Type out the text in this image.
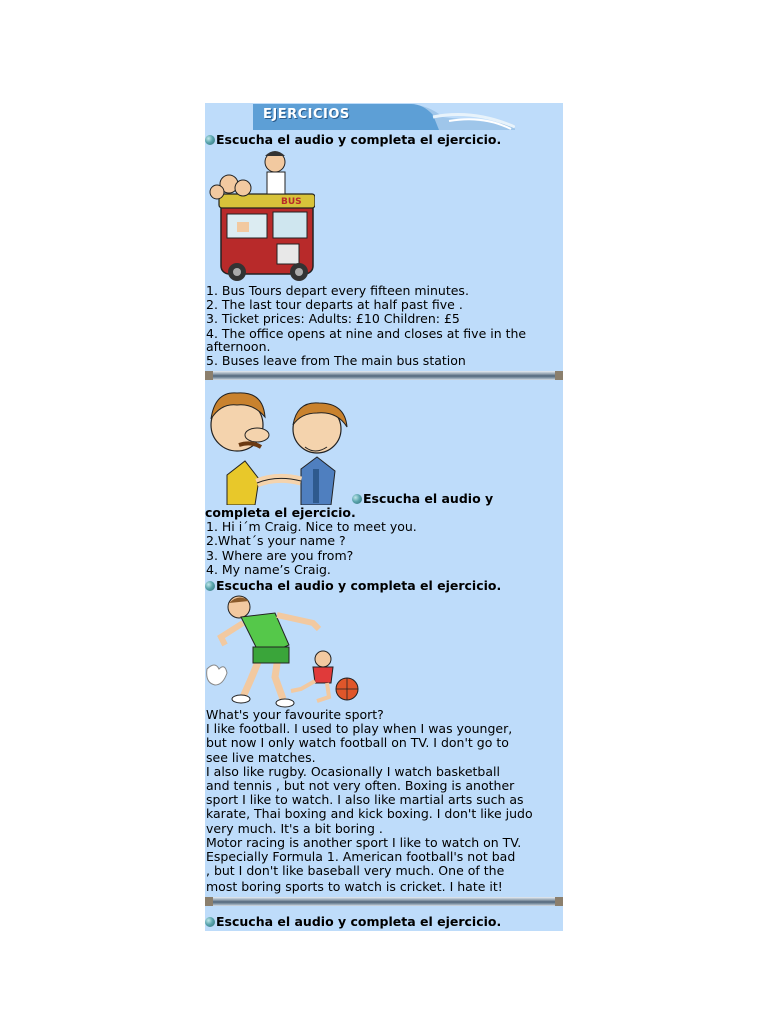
EJERCICIOS
Escucha el audio y completa el ejercicio.
BUS
1. Bus Tours depart every fifteen minutes.
2. The last tour departs at half past five .
3. Ticket prices: Adults: £10 Children: £5
4. The office opens at nine and closes at five in the
afternoon.
5. Buses leave from The main bus station
Escucha el audio y
completa el ejercicio.
1. Hi i´m Craig. Nice to meet you.
2.What´s your name ?
3. Where are you from?
4. My name’s Craig.
Escucha el audio y completa el ejercicio.
What's your favourite sport?
I like football. I used to play when I was younger,
but now I only watch football on TV. I don't go to
see live matches.
I also like rugby. Ocasionally I watch basketball
and tennis , but not very often. Boxing is another
sport I like to watch. I also like martial arts such as
karate, Thai boxing and kick boxing. I don't like judo
very much. It's a bit boring .
Motor racing is another sport I like to watch on TV.
Especially Formula 1. American football's not bad
, but I don't like baseball very much. One of the
most boring sports to watch is cricket. I hate it!
Escucha el audio y completa el ejercicio.
